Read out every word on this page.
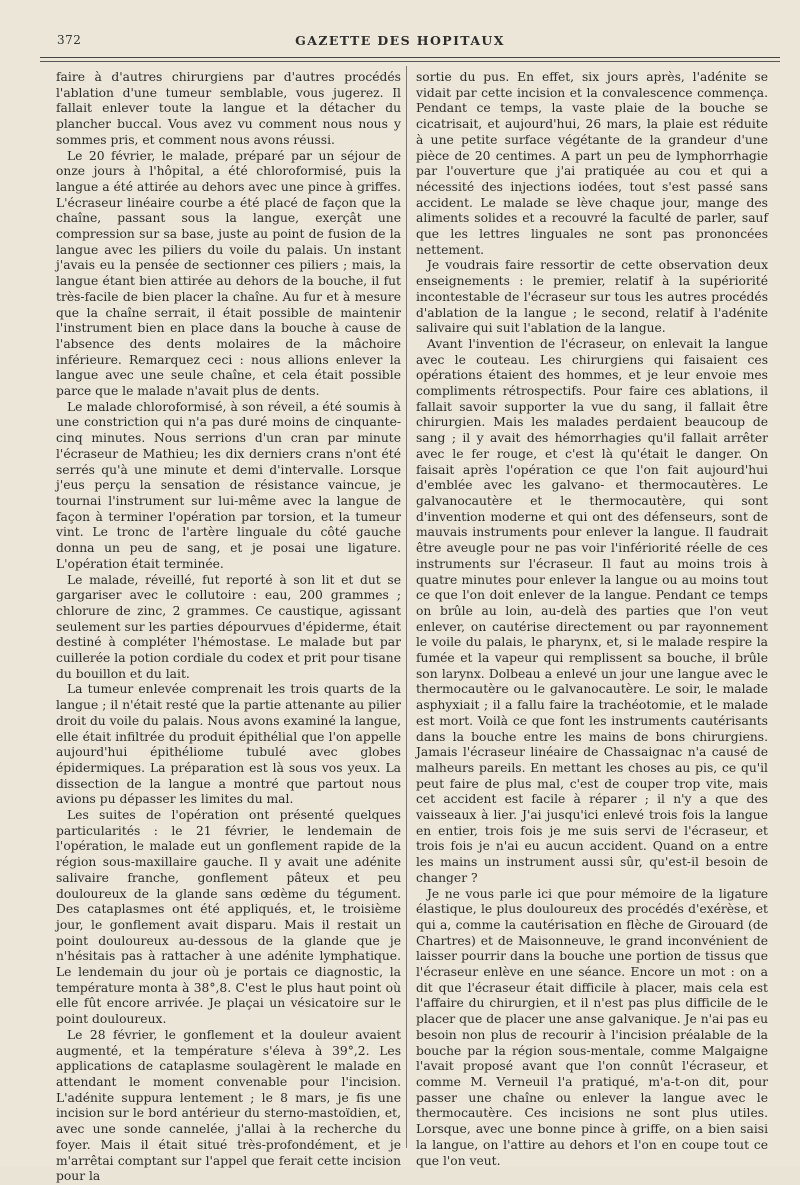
372	GAZETTE DES HOPITAUX

faire à d'autres chirurgiens par d'autres procédés l'ablation d'une tumeur semblable, vous jugerez. Il fallait enlever toute la langue et la détacher du plancher buccal. Vous avez vu comment nous nous y sommes pris, et comment nous avons réussi.

Le 20 février, le malade, préparé par un séjour de onze jours à l'hôpital, a été chloroformisé, puis la langue a été attirée au dehors avec une pince à griffes. L'écraseur linéaire courbe a été placé de façon que la chaîne, passant sous la langue, exerçât une compression sur sa base, juste au point de fusion de la langue avec les piliers du voile du palais. Un instant j'avais eu la pensée de sectionner ces piliers ; mais, la langue étant bien attirée au dehors de la bouche, il fut très-facile de bien placer la chaîne. Au fur et à mesure que la chaîne serrait, il était possible de maintenir l'instrument bien en place dans la bouche à cause de l'absence des dents molaires de la mâchoire inférieure. Remarquez ceci : nous allions enlever la langue avec une seule chaîne, et cela était possible parce que le malade n'avait plus de dents.

Le malade chloroformisé, à son réveil, a été soumis à une constriction qui n'a pas duré moins de cinquante-cinq minutes. Nous serrions d'un cran par minute l'écraseur de Mathieu; les dix derniers crans n'ont été serrés qu'à une minute et demi d'intervalle. Lorsque j'eus perçu la sensation de résistance vaincue, je tournai l'instrument sur lui-même avec la langue de façon à terminer l'opération par torsion, et la tumeur vint. Le tronc de l'artère linguale du côté gauche donna un peu de sang, et je posai une ligature. L'opération était terminée.

Le malade, réveillé, fut reporté à son lit et dut se gargariser avec le collutoire : eau, 200 grammes ; chlorure de zinc, 2 grammes. Ce caustique, agissant seulement sur les parties dépourvues d'épiderme, était destiné à compléter l'hémostase. Le malade but par cuillerée la potion cordiale du codex et prit pour tisane du bouillon et du lait.

La tumeur enlevée comprenait les trois quarts de la langue ; il n'était resté que la partie attenante au pilier droit du voile du palais. Nous avons examiné la langue, elle était infiltrée du produit épithélial que l'on appelle aujourd'hui épithéliome tubulé avec globes épidermiques. La préparation est là sous vos yeux. La dissection de la langue a montré que partout nous avions pu dépasser les limites du mal.

Les suites de l'opération ont présenté quelques particularités : le 21 février, le lendemain de l'opération, le malade eut un gonflement rapide de la région sous-maxillaire gauche. Il y avait une adénite salivaire franche, gonflement pâteux et peu douloureux de la glande sans œdème du tégument. Des cataplasmes ont été appliqués, et, le troisième jour, le gonflement avait disparu. Mais il restait un point douloureux au-dessous de la glande que je n'hésitais pas à rattacher à une adénite lymphatique. Le lendemain du jour où je portais ce diagnostic, la température monta à 38°,8. C'est le plus haut point où elle fût encore arrivée. Je plaçai un vésicatoire sur le point douloureux.

Le 28 février, le gonflement et la douleur avaient augmenté, et la température s'éleva à 39°,2. Les applications de cataplasme soulagèrent le malade en attendant le moment convenable pour l'incision. L'adénite suppura lentement ; le 8 mars, je fis une incision sur le bord antérieur du sterno-mastoïdien, et, avec une sonde cannelée, j'allai à la recherche du foyer. Mais il était situé très-profondément, et je m'arrêtai comptant sur l'appel que ferait cette incision pour la

sortie du pus. En effet, six jours après, l'adénite se vidait par cette incision et la convalescence commença. Pendant ce temps, la vaste plaie de la bouche se cicatrisait, et aujourd'hui, 26 mars, la plaie est réduite à une petite surface végétante de la grandeur d'une pièce de 20 centimes. A part un peu de lymphorrhagie par l'ouverture que j'ai pratiquée au cou et qui a nécessité des injections iodées, tout s'est passé sans accident. Le malade se lève chaque jour, mange des aliments solides et a recouvré la faculté de parler, sauf que les lettres linguales ne sont pas prononcées nettement.

Je voudrais faire ressortir de cette observation deux enseignements : le premier, relatif à la supériorité incontestable de l'écraseur sur tous les autres procédés d'ablation de la langue ; le second, relatif à l'adénite salivaire qui suit l'ablation de la langue.

Avant l'invention de l'écraseur, on enlevait la langue avec le couteau. Les chirurgiens qui faisaient ces opérations étaient des hommes, et je leur envoie mes compliments rétrospectifs. Pour faire ces ablations, il fallait savoir supporter la vue du sang, il fallait être chirurgien. Mais les malades perdaient beaucoup de sang ; il y avait des hémorrhagies qu'il fallait arrêter avec le fer rouge, et c'est là qu'était le danger. On faisait après l'opération ce que l'on fait aujourd'hui d'emblée avec les galvano- et thermocautères. Le galvanocautère et le thermocautère, qui sont d'invention moderne et qui ont des défenseurs, sont de mauvais instruments pour enlever la langue. Il faudrait être aveugle pour ne pas voir l'infériorité réelle de ces instruments sur l'écraseur. Il faut au moins trois à quatre minutes pour enlever la langue ou au moins tout ce que l'on doit enlever de la langue. Pendant ce temps on brûle au loin, au-delà des parties que l'on veut enlever, on cautérise directement ou par rayonnement le voile du palais, le pharynx, et, si le malade respire la fumée et la vapeur qui remplissent sa bouche, il brûle son larynx. Dolbeau a enlevé un jour une langue avec le thermocautère ou le galvanocautère. Le soir, le malade asphyxiait ; il a fallu faire la trachéotomie, et le malade est mort. Voilà ce que font les instruments cautérisants dans la bouche entre les mains de bons chirurgiens. Jamais l'écraseur linéaire de Chassaignac n'a causé de malheurs pareils. En mettant les choses au pis, ce qu'il peut faire de plus mal, c'est de couper trop vite, mais cet accident est facile à réparer ; il n'y a que des vaisseaux à lier. J'ai jusqu'ici enlevé trois fois la langue en entier, trois fois je me suis servi de l'écraseur, et trois fois je n'ai eu aucun accident. Quand on a entre les mains un instrument aussi sûr, qu'est-il besoin de changer ?

Je ne vous parle ici que pour mémoire de la ligature élastique, le plus douloureux des procédés d'exérèse, et qui a, comme la cautérisation en flèche de Girouard (de Chartres) et de Maisonneuve, le grand inconvénient de laisser pourrir dans la bouche une portion de tissus que l'écraseur enlève en une séance. Encore un mot : on a dit que l'écraseur était difficile à placer, mais cela est l'affaire du chirurgien, et il n'est pas plus difficile de le placer que de placer une anse galvanique. Je n'ai pas eu besoin non plus de recourir à l'incision préalable de la bouche par la région sous-mentale, comme Malgaigne l'avait proposé avant que l'on connût l'écraseur, et comme M. Verneuil l'a pratiqué, m'a-t-on dit, pour passer une chaîne ou enlever la langue avec le thermocautère. Ces incisions ne sont plus utiles. Lorsque, avec une bonne pince à griffe, on a bien saisi la langue, on l'attire au dehors et l'on en coupe tout ce que l'on veut.
